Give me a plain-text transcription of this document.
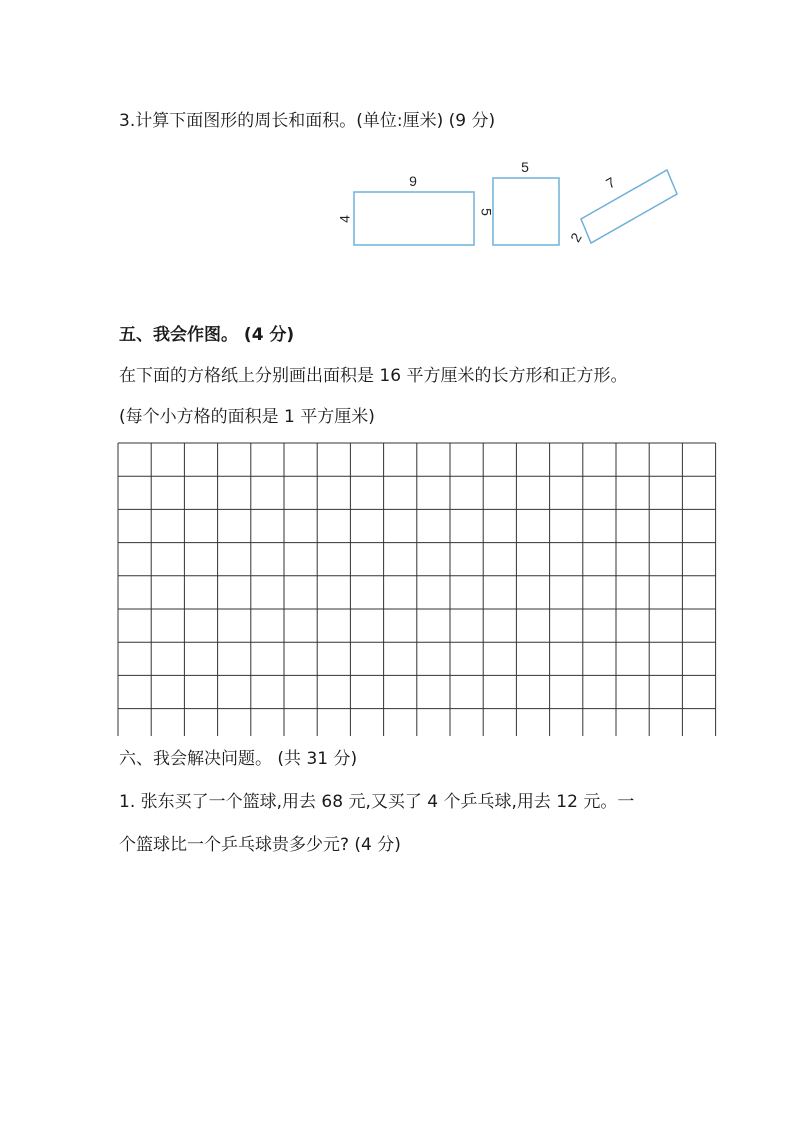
3.计算下面图形的周长和面积。(单位:厘米) (9 分)
9
4
5
5
7
2
五、我会作图。 (4 分)
在下面的方格纸上分别画出面积是 16 平方厘米的长方形和正方形。
(每个小方格的面积是 1 平方厘米)
六、我会解决问题。 (共 31 分)
1. 张东买了一个篮球,用去 68 元,又买了 4 个乒乓球,用去 12 元。一
个篮球比一个乒乓球贵多少元? (4 分)
